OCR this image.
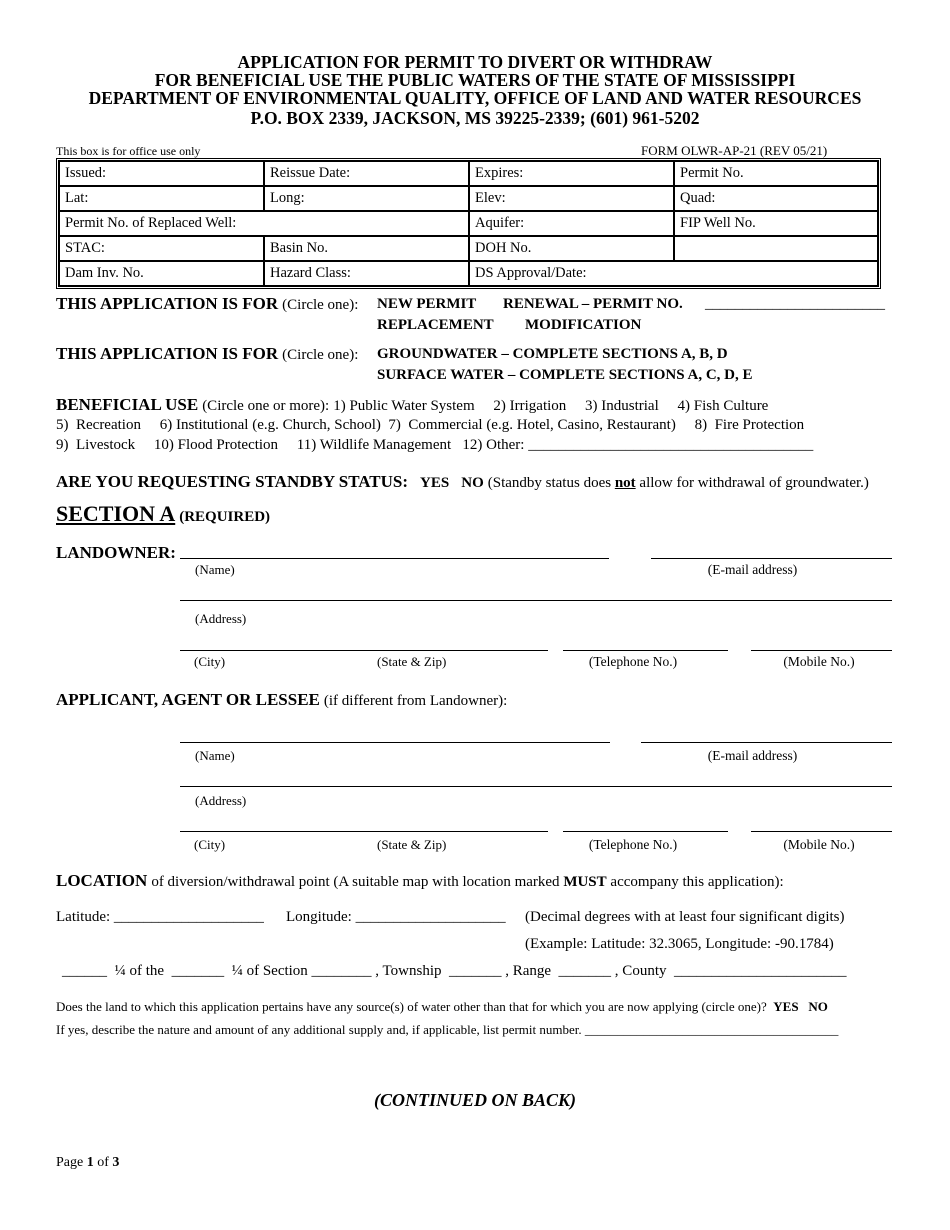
APPLICATION FOR PERMIT TO DIVERT OR WITHDRAW
FOR BENEFICIAL USE THE PUBLIC WATERS OF THE STATE OF MISSISSIPPI
DEPARTMENT OF ENVIRONMENTAL QUALITY, OFFICE OF LAND AND WATER RESOURCES
P.O. BOX 2339, JACKSON, MS 39225-2339; (601) 961-5202
This box is for office use only	FORM OLWR-AP-21 (REV 05/21)
Issued:	Reissue Date:	Expires:	Permit No.
Lat:	Long:	Elev:	Quad:
Permit No. of Replaced Well:		Aquifer:	FIP Well No.
STAC:	Basin No.	DOH No.	
Dam Inv. No.	Hazard Class:	DS Approval/Date:	
THIS APPLICATION IS FOR (Circle one): NEW PERMIT RENEWAL – PERMIT NO. ________________________
REPLACEMENT MODIFICATION
THIS APPLICATION IS FOR (Circle one): GROUNDWATER – COMPLETE SECTIONS A, B, D
SURFACE WATER – COMPLETE SECTIONS A, C, D, E
BENEFICIAL USE (Circle one or more): 1) Public Water System     2) Irrigation     3) Industrial     4) Fish Culture
5)  Recreation     6) Institutional (e.g. Church, School)  7)  Commercial (e.g. Hotel, Casino, Restaurant)     8)  Fire Protection
9)  Livestock     10) Flood Protection     11) Wildlife Management   12) Other: ______________________________________
ARE YOU REQUESTING STANDBY STATUS: YES NO (Standby status does not allow for withdrawal of groundwater.)
SECTION A (REQUIRED)
LANDOWNER:
(Name)	(E-mail address)
(Address)
(City)	(State & Zip)	(Telephone No.)	(Mobile No.)
APPLICANT, AGENT OR LESSEE (if different from Landowner):
(Name)	(E-mail address)
(Address)
(City)	(State & Zip)	(Telephone No.)	(Mobile No.)
LOCATION of diversion/withdrawal point (A suitable map with location marked MUST accompany this application):
Latitude: ____________________ Longitude: ____________________ (Decimal degrees with at least four significant digits)
(Example: Latitude: 32.3065, Longitude: -90.1784)
______  ¼ of the  _______  ¼ of Section ________ , Township  _______ , Range  _______ , County  _______________________
Does the land to which this application pertains have any source(s) of water other than that for which you are now applying (circle one)? YES NO
If yes, describe the nature and amount of any additional supply and, if applicable, list permit number. _______________________________________
(CONTINUED ON BACK)
Page 1 of 3
